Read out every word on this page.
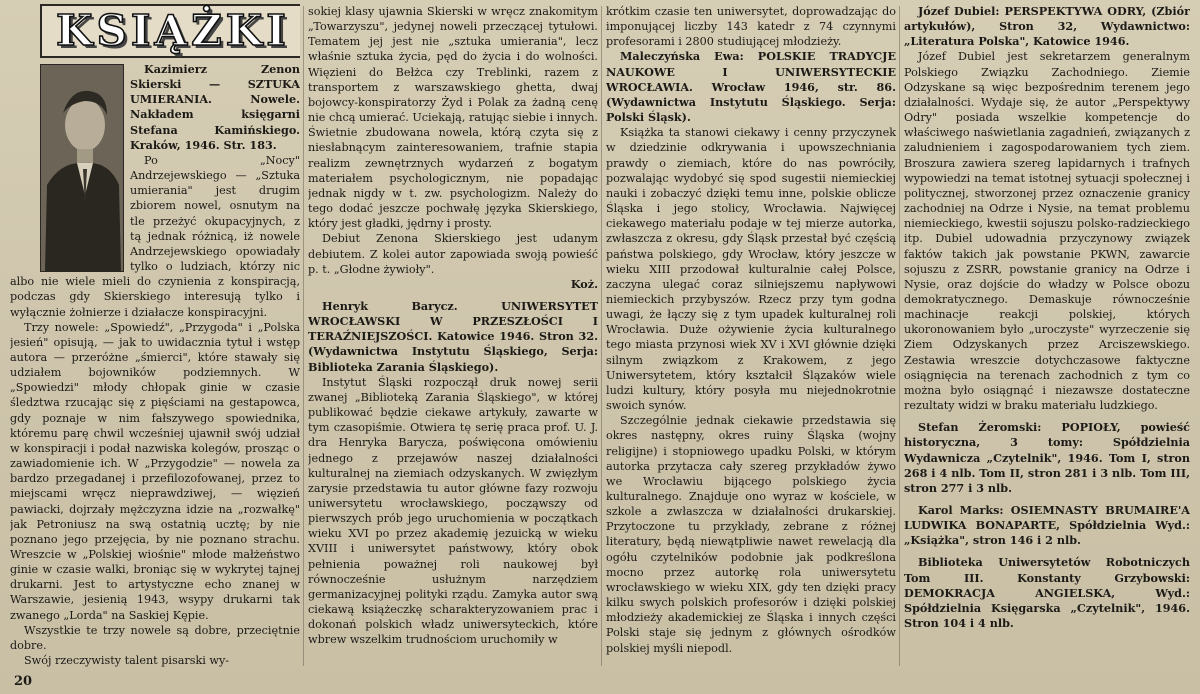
KSIĄŻKI

Kazimierz Zenon Skierski — SZTUKA UMIERANIA. Nowele. Nakładem księgarni Stefana Kamińskiego. Kraków, 1946. Str. 183.

Po „Nocy" Andrzejewskiego — „Sztuka umierania" jest drugim zbiorem nowel, osnutym na tle przeżyć okupacyjnych, z tą jednak różnicą, iż nowele Andrzejewskiego opowiadały tylko o ludziach, którzy nic albo nie wiele mieli do czynienia z konspiracją, podczas gdy Skierskiego interesują tylko i wyłącznie żołnierze i działacze konspiracyjni.

Trzy nowele: „Spowiedź", „Przygoda" i „Polska jesień" opisują, — jak to uwidacznia tytuł i wstęp autora — przeróżne „śmierci", które stawały się udziałem bojowników podziemnych. W „Spowiedzi" młody chłopak ginie w czasie śledztwa rzucając się z pięściami na gestapowca, gdy poznaje w nim fałszywego spowiednika, któremu parę chwil wcześniej ujawnił swój udział w konspiracji i podał nazwiska kolegów, prosząc o zawiadomienie ich. W „Przygodzie" — nowela za bardzo przegadanej i przefilozofowanej, przez to miejscami wręcz nieprawdziwej, — więzień pawiacki, dojrzały mężczyzna idzie na „rozwałkę" jak Petroniusz na swą ostatnią ucztę; by nie poznano jego przejęcia, by nie poznano strachu. Wreszcie w „Polskiej wiośnie" młode małżeństwo ginie w czasie walki, broniąc się w wykrytej tajnej drukarni. Jest to artystyczne echo znanej w Warszawie, jesienią 1943, wsypy drukarni tak zwanego „Lorda" na Saskiej Kępie.

Wszystkie te trzy nowele są dobre, przeciętnie dobre.

Swój rzeczywisty talent pisarski wy-

sokiej klasy ujawnia Skierski w wręcz znakomitym „Towarzyszu", jedynej noweli przeczącej tytułowi. Tematem jej jest nie „sztuka umierania", lecz właśnie sztuka życia, pęd do życia i do wolności. Więzieni do Bełżca czy Treblinki, razem z transportem z warszawskiego ghetta, dwaj bojowcy-konspiratorzy Żyd i Polak za żadną cenę nie chcą umierać. Uciekają, ratując siebie i innych. Świetnie zbudowana nowela, którą czyta się z niesłabnącym zainteresowaniem, trafnie stapia realizm zewnętrznych wydarzeń z bogatym materiałem psychologicznym, nie popadając jednak nigdy w t. zw. psychologizm. Należy do tego dodać jeszcze pochwałę języka Skierskiego, który jest gładki, jędrny i prosty.

Debiut Zenona Skierskiego jest udanym debiutem. Z kolei autor zapowiada swoją powieść p. t. „Głodne żywioły".

Koż.

Henryk Barycz. UNIWERSYTET WROCŁAWSKI W PRZESZŁOŚCI I TERAŹNIEJSZOŚCI. Katowice 1946. Stron 32. (Wydawnictwa Instytutu Śląskiego, Serja: Biblioteka Zarania Śląskiego).

Instytut Śląski rozpoczął druk nowej serii zwanej „Biblioteką Zarania Śląskiego", w której publikować będzie ciekawe artykuły, zawarte w tym czasopiśmie. Otwiera tę serię praca prof. U. J. dra Henryka Barycza, poświęcona omówieniu jednego z przejawów naszej działalności kulturalnej na ziemiach odzyskanych. W zwięzłym zarysie przedstawia tu autor główne fazy rozwoju uniwersytetu wrocławskiego, począwszy od pierwszych prób jego uruchomienia w początkach wieku XVI po przez akademię jezuicką w wieku XVIII i uniwersytet państwowy, który obok pełnienia poważnej roli naukowej był równocześnie usłużnym narzędziem germanizacyjnej polityki rządu. Zamyka autor swą ciekawą książeczkę scharakteryzowaniem prac i dokonań polskich władz uniwersyteckich, które wbrew wszelkim trudnościom uruchomiły w

krótkim czasie ten uniwersytet, doprowadzając do imponującej liczby 143 katedr z 74 czynnymi profesorami i 2800 studiującej młodzieży.

Maleczyńska Ewa: POLSKIE TRADYCJE NAUKOWE I UNIWERSYTECKIE WROCŁAWIA. Wrocław 1946, str. 86. (Wydawnictwa Instytutu Śląskiego. Serja: Polski Śląsk).

Książka ta stanowi ciekawy i cenny przyczynek w dziedzinie odkrywania i upowszechniania prawdy o ziemiach, które do nas powróciły, pozwalając wydobyć się spod sugestii niemieckiej nauki i zobaczyć dzięki temu inne, polskie oblicze Śląska i jego stolicy, Wrocławia. Najwięcej ciekawego materiału podaje w tej mierze autorka, zwłaszcza z okresu, gdy Śląsk przestał być częścią państwa polskiego, gdy Wrocław, który jeszcze w wieku XIII przodował kulturalnie całej Polsce, zaczyna ulegać coraz silniejszemu napływowi niemieckich przybyszów. Rzecz przy tym godna uwagi, że łączy się z tym upadek kulturalnej roli Wrocławia. Duże ożywienie życia kulturalnego tego miasta przynosi wiek XV i XVI głównie dzięki silnym związkom z Krakowem, z jego Uniwersytetem, który kształcił Ślązaków wiele ludzi kultury, który posyła mu niejednokrotnie swoich synów.

Szczególnie jednak ciekawie przedstawia się okres następny, okres ruiny Śląska (wojny religijne) i stopniowego upadku Polski, w którym autorka przytacza cały szereg przykładów żywo we Wrocławiu bijącego polskiego życia kulturalnego. Znajduje ono wyraz w kościele, w szkole a zwłaszcza w działalności drukarskiej. Przytoczone tu przykłady, zebrane z różnej literatury, będą niewątpliwie nawet rewelacją dla ogółu czytelników podobnie jak podkreślona mocno przez autorkę rola uniwersytetu wrocławskiego w wieku XIX, gdy ten dzięki pracy kilku swych polskich profesorów i dzięki polskiej młodzieży akademickiej ze Śląska i innych części Polski staje się jednym z głównych ośrodków polskiej myśli niepodl.

Józef Dubiel: PERSPEKTYWA ODRY, (Zbiór artykułów), Stron 32, Wydawnictwo: „Literatura Polska", Katowice 1946.

Józef Dubiel jest sekretarzem generalnym Polskiego Związku Zachodniego. Ziemie Odzyskane są więc bezpośrednim terenem jego działalności. Wydaje się, że autor „Perspektywy Odry" posiada wszelkie kompetencje do właściwego naświetlania zagadnień, związanych z zaludnieniem i zagospodarowaniem tych ziem. Broszura zawiera szereg lapidarnych i trafnych wypowiedzi na temat istotnej sytuacji społecznej i politycznej, stworzonej przez oznaczenie granicy zachodniej na Odrze i Nysie, na temat problemu niemieckiego, kwestii sojuszu polsko-radzieckiego itp. Dubiel udowadnia przyczynowy związek faktów takich jak powstanie PKWN, zawarcie sojuszu z ZSRR, powstanie granicy na Odrze i Nysie, oraz dojście do władzy w Polsce obozu demokratycznego. Demaskuje równocześnie machinacje reakcji polskiej, których ukoronowaniem było „uroczyste" wyrzeczenie się Ziem Odzyskanych przez Arciszewskiego. Zestawia wreszcie dotychczasowe faktyczne osiągnięcia na terenach zachodnich z tym co można było osiągnąć i niezawsze dostateczne rezultaty widzi w braku materiału ludzkiego.

Stefan Żeromski: POPIOŁY, powieść historyczna, 3 tomy: Spółdzielnia Wydawnicza „Czytelnik", 1946. Tom I, stron 268 i 4 nlb. Tom II, stron 281 i 3 nlb. Tom III, stron 277 i 3 nlb.

Karol Marks: OSIEMNASTY BRUMAIRE'A LUDWIKA BONAPARTE, Spółdzielnia Wyd.: „Książka", stron 146 i 2 nlb.

Biblioteka Uniwersytetów Robotniczych Tom III. Konstanty Grzybowski: DEMOKRACJA ANGIELSKA, Wyd.: Spółdzielnia Księgarska „Czytelnik", 1946. Stron 104 i 4 nlb.

20
